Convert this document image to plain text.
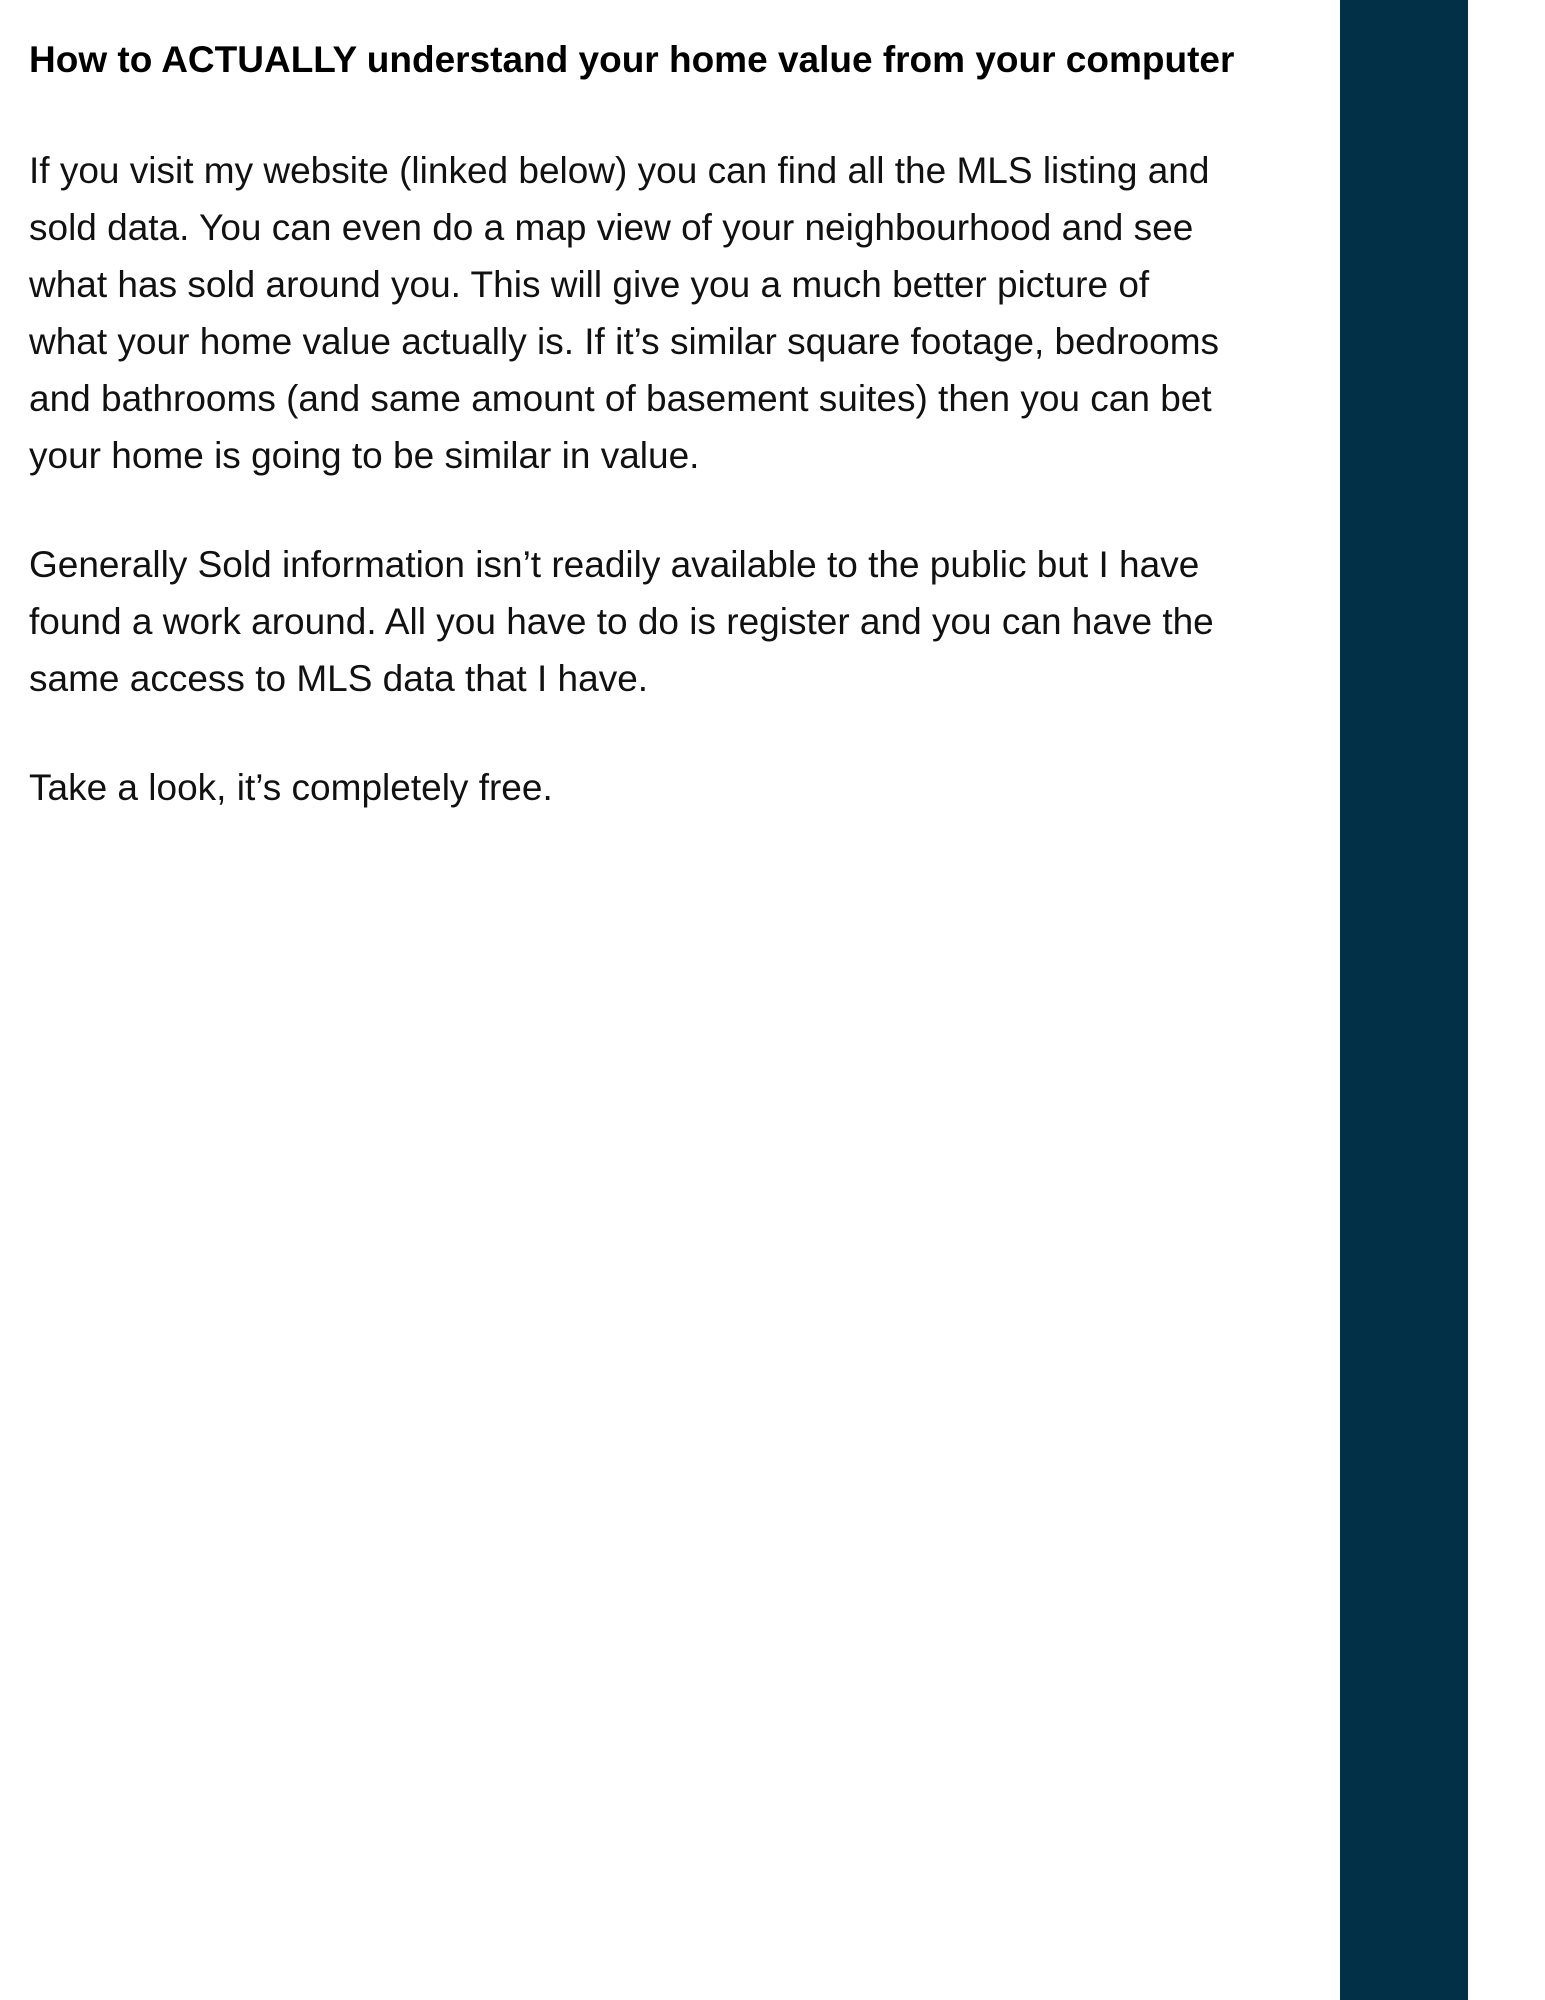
How to ACTUALLY understand your home value from your computer

If you visit my website (linked below) you can find all the MLS listing and
sold data. You can even do a map view of your neighbourhood and see
what has sold around you. This will give you a much better picture of
what your home value actually is. If it’s similar square footage, bedrooms
and bathrooms (and same amount of basement suites) then you can bet
your home is going to be similar in value.

Generally Sold information isn’t readily available to the public but I have
found a work around. All you have to do is register and you can have the
same access to MLS data that I have.

Take a look, it’s completely free.
